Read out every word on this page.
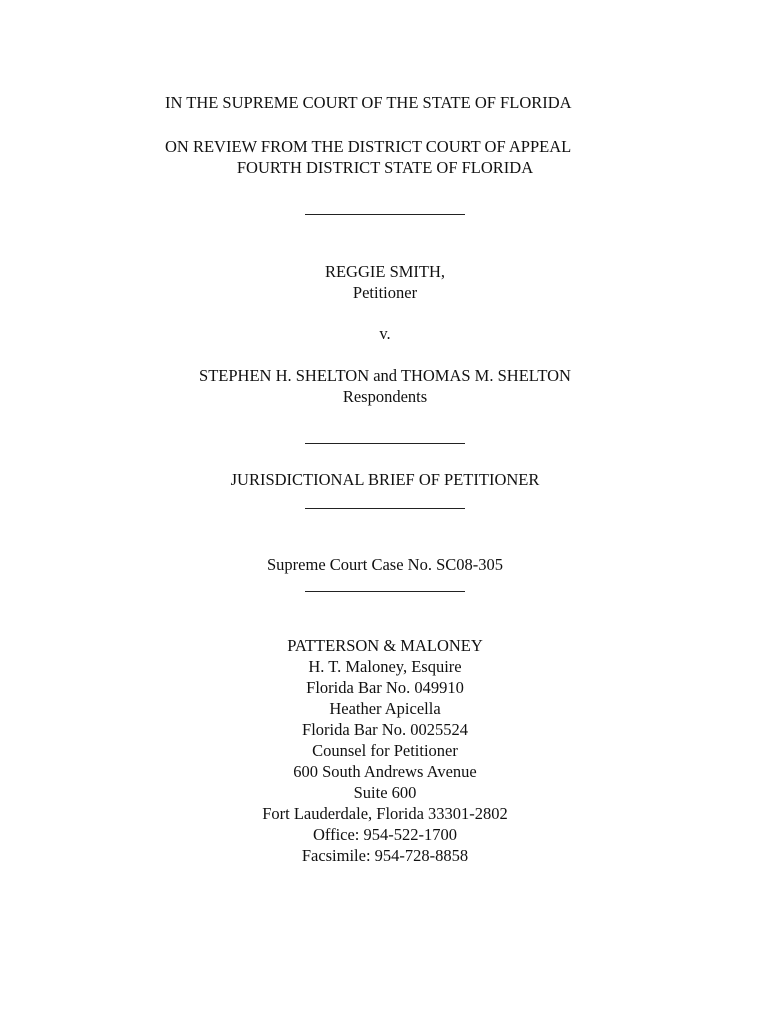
IN THE SUPREME COURT OF THE STATE OF FLORIDA
ON REVIEW FROM THE DISTRICT COURT OF APPEAL
FOURTH DISTRICT STATE OF FLORIDA
REGGIE SMITH,
Petitioner
v.
STEPHEN H. SHELTON and THOMAS M. SHELTON
Respondents
JURISDICTIONAL BRIEF OF PETITIONER
Supreme Court Case No. SC08-305
PATTERSON & MALONEY
H. T. Maloney, Esquire
Florida Bar No. 049910
Heather Apicella
Florida Bar No. 0025524
Counsel for Petitioner
600 South Andrews Avenue
Suite 600
Fort Lauderdale, Florida 33301-2802
Office: 954-522-1700
Facsimile: 954-728-8858
